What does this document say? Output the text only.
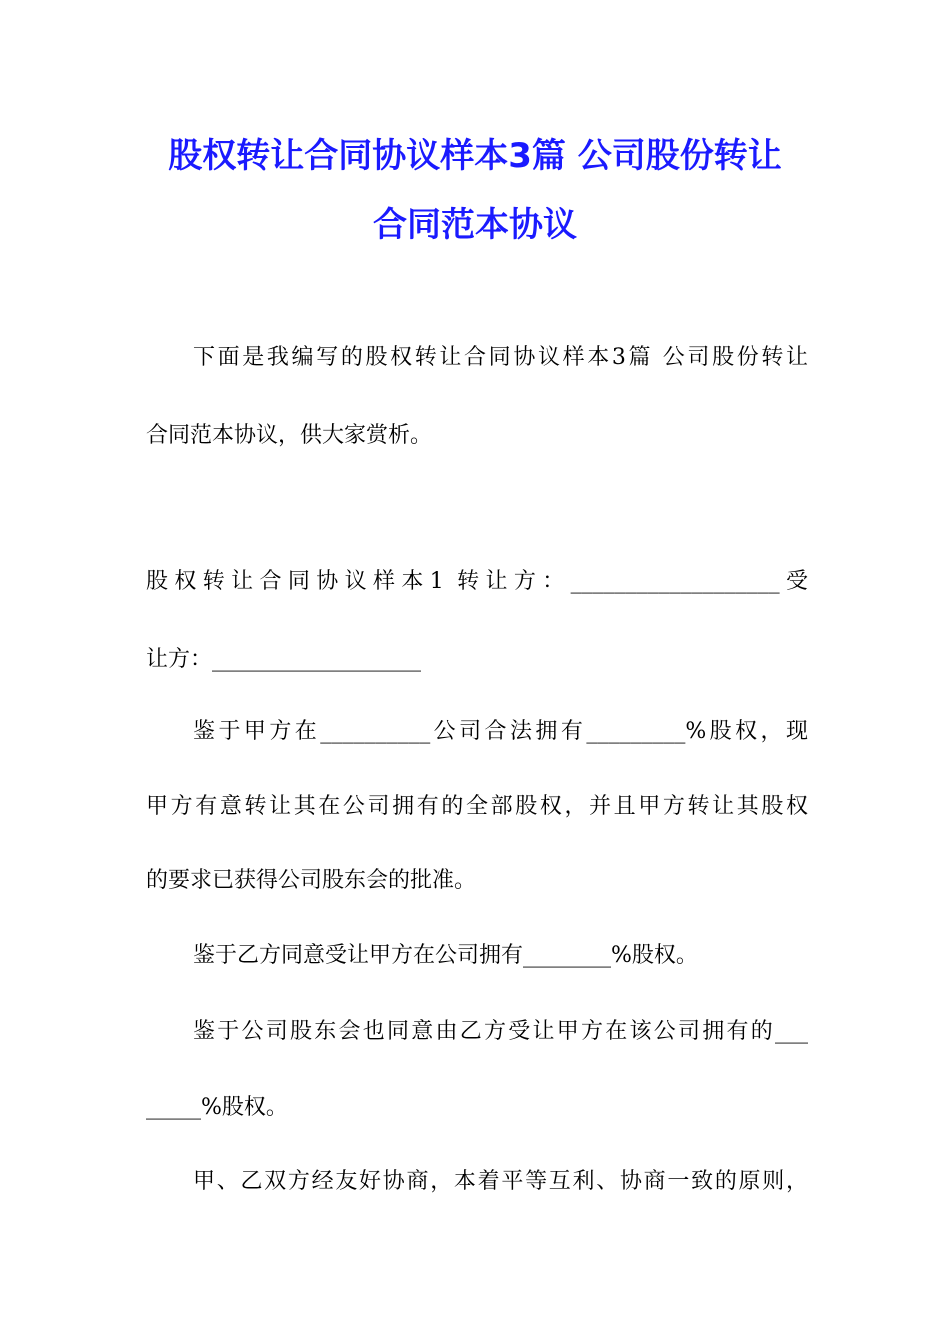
股权转让合同协议样本3篇 公司股份转让
合同范本协议
下面是我编写的股权转让合同协议样本3篇 公司股份转让
合同范本协议，供大家赏析。
股权转让合同协议样本1 转让方：___________________受
让方：___________________
鉴于甲方在__________公司合法拥有_________%股权，现
甲方有意转让其在公司拥有的全部股权，并且甲方转让其股权
的要求已获得公司股东会的批准。
鉴于乙方同意受让甲方在公司拥有________%股权。
鉴于公司股东会也同意由乙方受让甲方在该公司拥有的___
_____%股权。
甲、乙双方经友好协商，本着平等互利、协商一致的原则，
